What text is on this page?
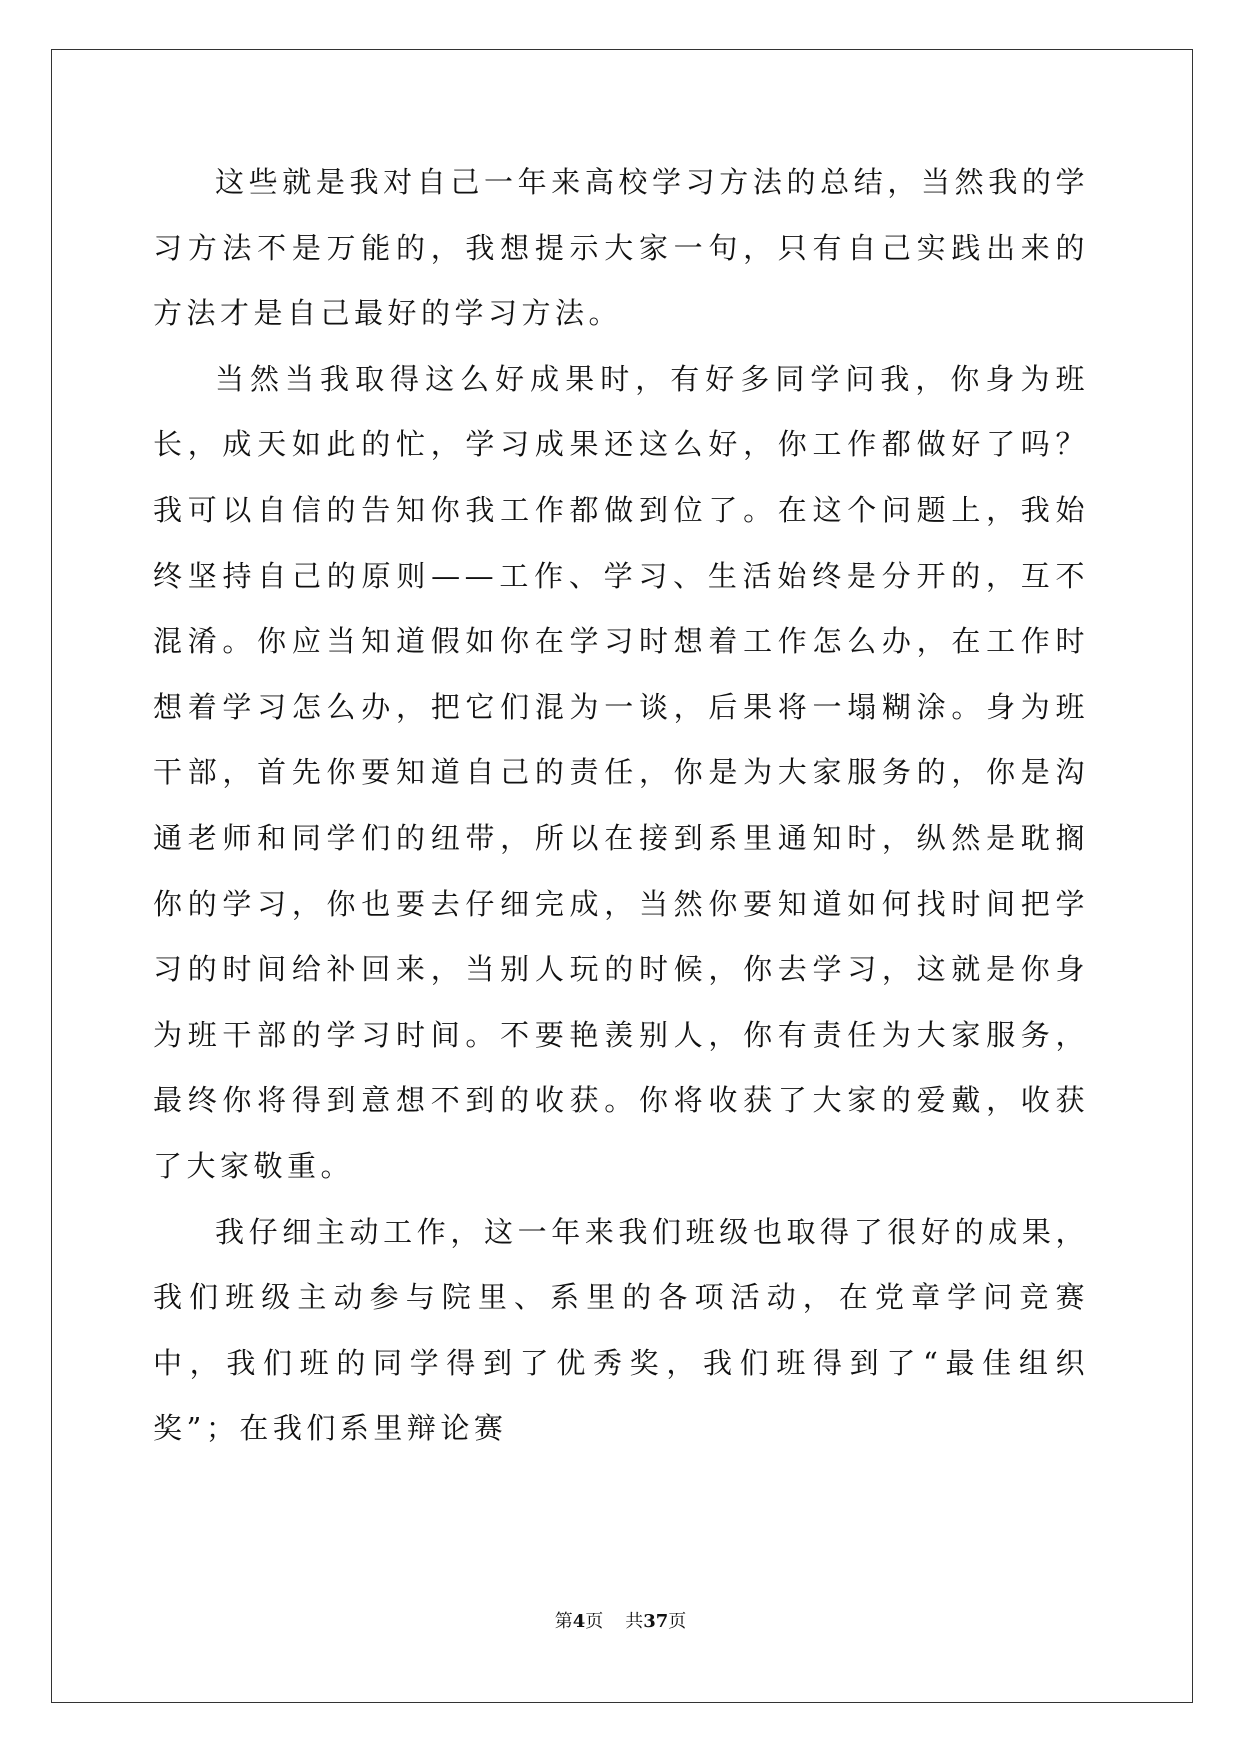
这些就是我对自己一年来高校学习方法的总结，当然我的学习方法不是万能的，我想提示大家一句，只有自己实践出来的方法才是自己最好的学习方法。

当然当我取得这么好成果时，有好多同学问我，你身为班长，成天如此的忙，学习成果还这么好，你工作都做好了吗？我可以自信的告知你我工作都做到位了。在这个问题上，我始终坚持自己的原则——工作、学习、生活始终是分开的，互不混淆。你应当知道假如你在学习时想着工作怎么办，在工作时想着学习怎么办，把它们混为一谈，后果将一塌糊涂。身为班干部，首先你要知道自己的责任，你是为大家服务的，你是沟通老师和同学们的纽带，所以在接到系里通知时，纵然是耽搁你的学习，你也要去仔细完成，当然你要知道如何找时间把学习的时间给补回来，当别人玩的时候，你去学习，这就是你身为班干部的学习时间。不要艳羡别人，你有责任为大家服务，最终你将得到意想不到的收获。你将收获了大家的爱戴，收获了大家敬重。

我仔细主动工作，这一年来我们班级也取得了很好的成果，我们班级主动参与院里、系里的各项活动，在党章学问竞赛中，我们班的同学得到了优秀奖，我们班得到了“最佳组织奖”；在我们系里辩论赛

第4页 共37页
